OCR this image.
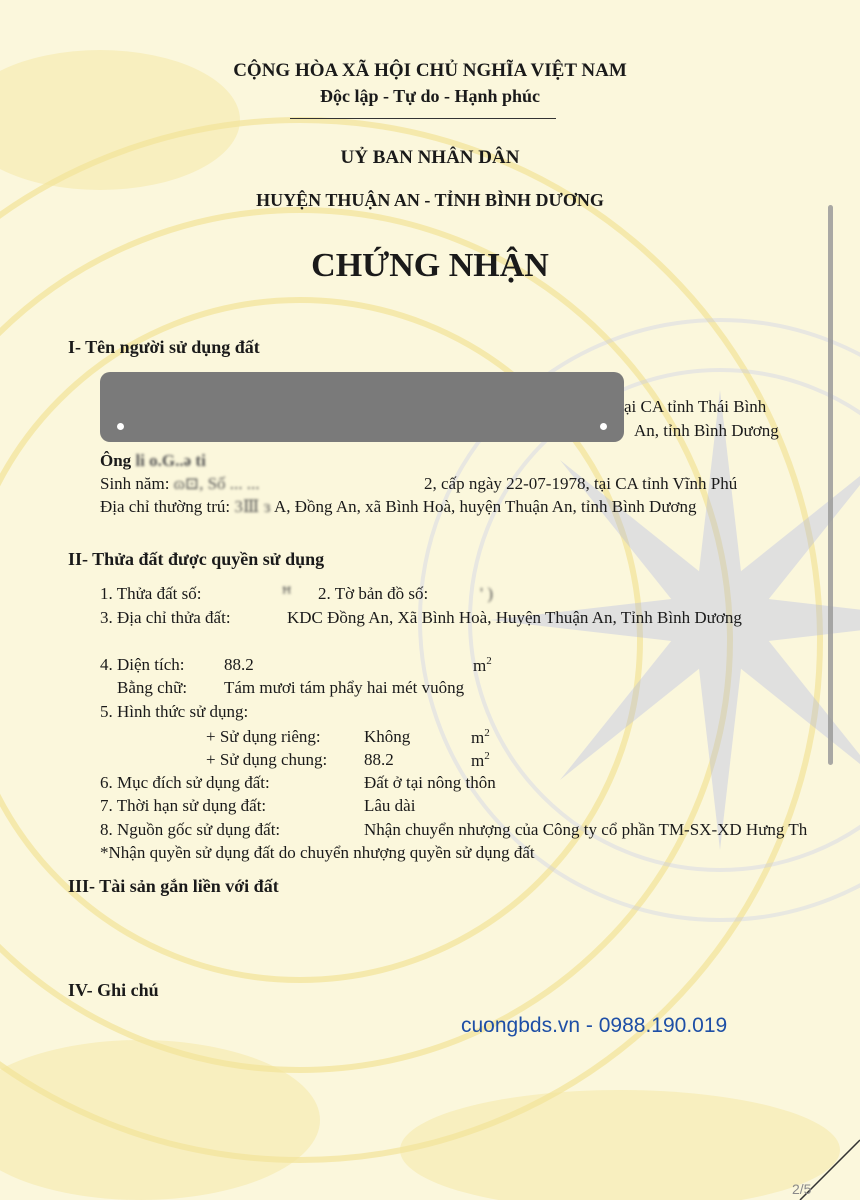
CỘNG HÒA XÃ HỘI CHỦ NGHĨA VIỆT NAM
Độc lập - Tự do - Hạnh phúc
UỶ BAN NHÂN DÂN
HUYỆN THUẬN AN - TỈNH BÌNH DƯƠNG
CHỨNG NHẬN
I- Tên người sử dụng đất
ại CA tỉnh Thái Bình
An, tỉnh Bình Dương
Ông li o.G..ə ti
Sinh năm: ɷ⊡, Số ... ...	2, cấp ngày 22-07-1978, tại CA tỉnh Vĩnh Phú
Địa chỉ thường trú: 3Ⅲ ɜ A, Đồng An, xã Bình Hoà, huyện Thuận An, tỉnh Bình Dương
II- Thửa đất được quyền sử dụng
1. Thửa đất số:	ꟸ 2. Tờ bản đồ số:	' )
3. Địa chỉ thửa đất:	KDC Đồng An, Xã Bình Hoà, Huyện Thuận An, Tỉnh Bình Dương
4. Diện tích: 88.2	$m^2$
Bằng chữ: Tám mươi tám phẩy hai mét vuông
5. Hình thức sử dụng:
+ Sử dụng riêng:	Không	$m^2$
+ Sử dụng chung: 88.2	$m^2$
6. Mục đích sử dụng đất:	Đất ở tại nông thôn
7. Thời hạn sử dụng đất:	Lâu dài
8. Nguồn gốc sử dụng đất:	Nhận chuyển nhượng của Công ty cổ phần TM-SX-XD Hưng Th
*Nhận quyền sử dụng đất do chuyển nhượng quyền sử dụng đất
III- Tài sản gắn liền với đất
IV- Ghi chú
cuongbds.vn - 0988.190.019
2/5
